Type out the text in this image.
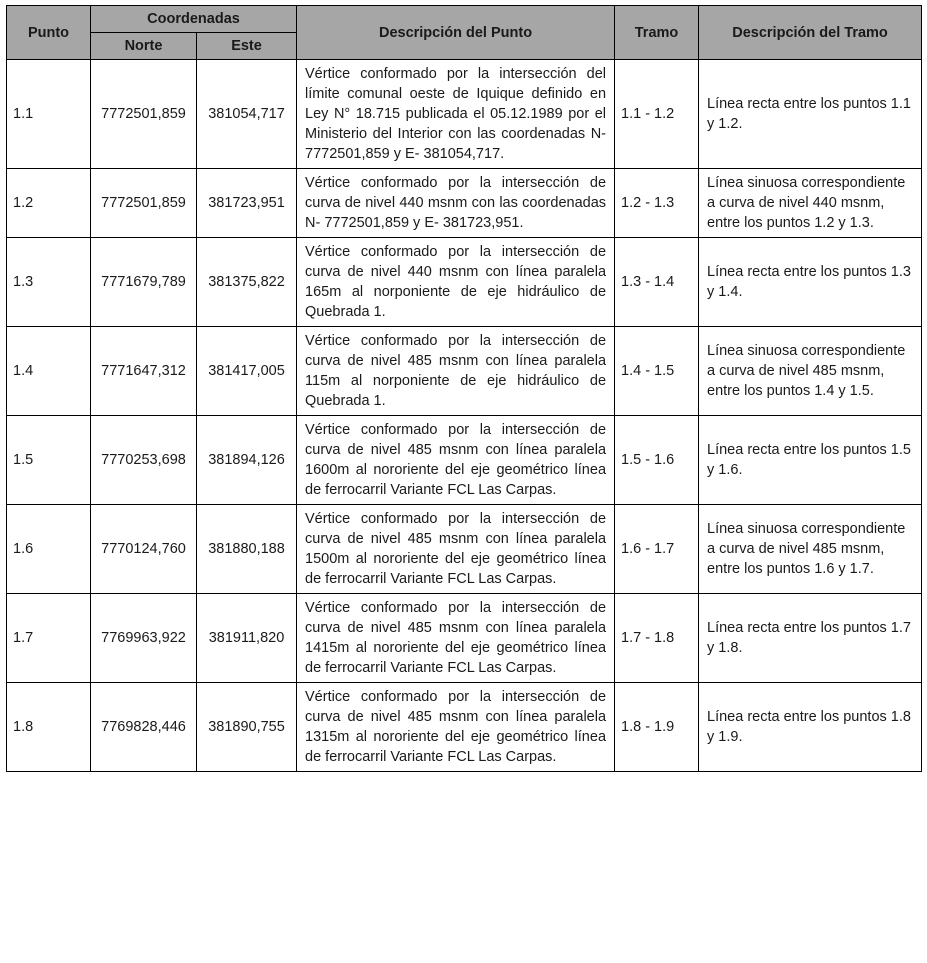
Punto	Coordenadas		Descripción del Punto	Tramo	Descripción del Tramo
	Norte	Este			
1.1	7772501,859	381054,717	Vértice conformado por la intersección del límite comunal oeste de Iquique definido en Ley N° 18.715 publicada el 05.12.1989 por el Ministerio del Interior con las coordenadas N- 7772501,859 y E- 381054,717.	1.1 - 1.2	Línea recta entre los puntos 1.1 y 1.2.
1.2	7772501,859	381723,951	Vértice conformado por la intersección de curva de nivel 440 msnm con las coordenadas N- 7772501,859 y E- 381723,951.	1.2 - 1.3	Línea sinuosa correspondiente a curva de nivel 440 msnm, entre los puntos 1.2 y 1.3.
1.3	7771679,789	381375,822	Vértice conformado por la intersección de curva de nivel 440 msnm con línea paralela 165m al norponiente de eje hidráulico de Quebrada 1.	1.3 - 1.4	Línea recta entre los puntos 1.3 y 1.4.
1.4	7771647,312	381417,005	Vértice conformado por la intersección de curva de nivel 485 msnm con línea paralela 115m al norponiente de eje hidráulico de Quebrada 1.	1.4 - 1.5	Línea sinuosa correspondiente a curva de nivel 485 msnm, entre los puntos 1.4 y 1.5.
1.5	7770253,698	381894,126	Vértice conformado por la intersección de curva de nivel 485 msnm con línea paralela 1600m al nororiente del eje geométrico línea de ferrocarril Variante FCL Las Carpas.	1.5 - 1.6	Línea recta entre los puntos 1.5 y 1.6.
1.6	7770124,760	381880,188	Vértice conformado por la intersección de curva de nivel 485 msnm con línea paralela 1500m al nororiente del eje geométrico línea de ferrocarril Variante FCL Las Carpas.	1.6 - 1.7	Línea sinuosa correspondiente a curva de nivel 485 msnm, entre los puntos 1.6 y 1.7.
1.7	7769963,922	381911,820	Vértice conformado por la intersección de curva de nivel 485 msnm con línea paralela 1415m al nororiente del eje geométrico línea de ferrocarril Variante FCL Las Carpas.	1.7 - 1.8	Línea recta entre los puntos 1.7 y 1.8.
1.8	7769828,446	381890,755	Vértice conformado por la intersección de curva de nivel 485 msnm con línea paralela 1315m al nororiente del eje geométrico línea de ferrocarril Variante FCL Las Carpas.	1.8 - 1.9	Línea recta entre los puntos 1.8 y 1.9.
